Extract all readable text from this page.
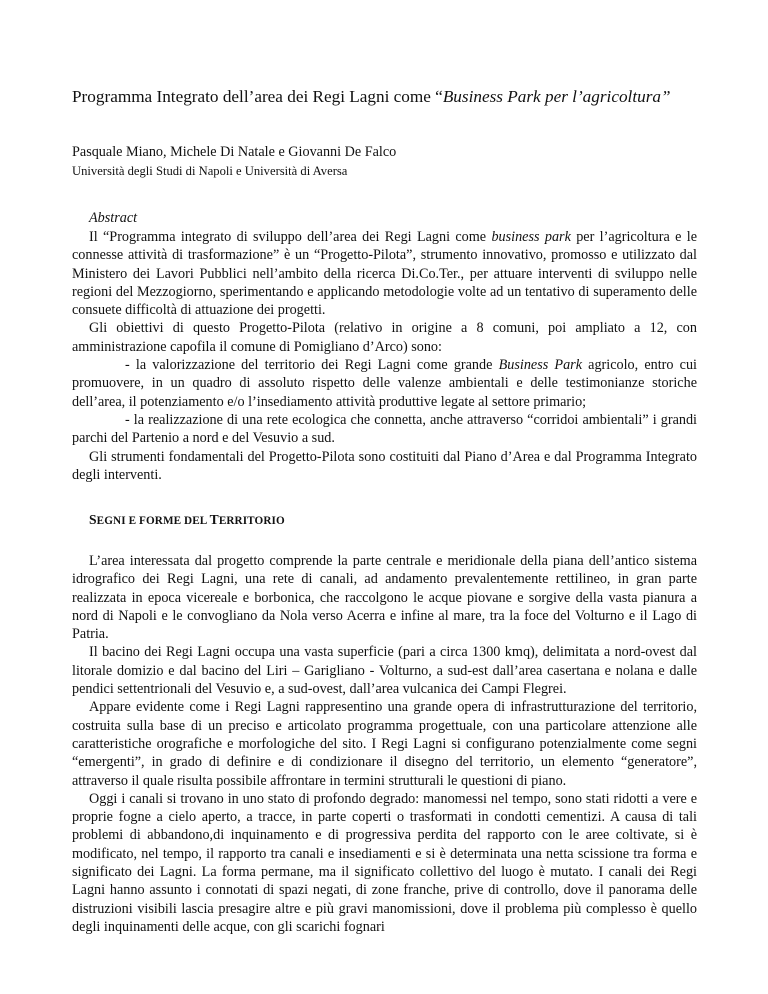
Programma Integrato dell’area dei Regi Lagni come “Business Park per l’agricoltura”
Pasquale Miano, Michele Di Natale e Giovanni De Falco
Università degli Studi di Napoli e Università di Aversa
Abstract

Il “Programma integrato di sviluppo dell’area dei Regi Lagni come business park per l’agricoltura e le connesse attività di trasformazione” è un “Progetto-Pilota”, strumento innovativo, promosso e utilizzato dal Ministero dei Lavori Pubblici nell’ambito della ricerca Di.Co.Ter., per attuare interventi di sviluppo nelle regioni del Mezzogiorno, sperimentando e applicando metodologie volte ad un tentativo di superamento delle consuete difficoltà di attuazione dei progetti.

Gli obiettivi di questo Progetto-Pilota (relativo in origine a 8 comuni, poi ampliato a 12, con amministrazione capofila il comune di Pomigliano d’Arco) sono:

- la valorizzazione del territorio dei Regi Lagni come grande Business Park agricolo, entro cui promuovere, in un quadro di assoluto rispetto delle valenze ambientali e delle testimonianze storiche dell’area, il potenziamento e/o l’insediamento attività produttive legate al settore primario;

- la realizzazione di una rete ecologica che connetta, anche attraverso “corridoi ambientali” i grandi parchi del Partenio a nord e del Vesuvio a sud.

Gli strumenti fondamentali del Progetto-Pilota sono costituiti dal Piano d’Area e dal Programma Integrato degli interventi.

SEGNI E FORME DEL TERRITORIO

L’area interessata dal progetto comprende la parte centrale e meridionale della piana dell’antico sistema idrografico dei Regi Lagni, una rete di canali, ad andamento prevalentemente rettilineo, in gran parte realizzata in epoca vicereale e borbonica, che raccolgono le acque piovane e sorgive della vasta pianura a nord di Napoli e le convogliano da Nola verso Acerra e infine al mare, tra la foce del Volturno e il Lago di Patria.

Il bacino dei Regi Lagni occupa una vasta superficie (pari a circa 1300 kmq), delimitata a nord-ovest dal litorale domizio e dal bacino del Liri – Garigliano - Volturno, a sud-est dall’area casertana e nolana e dalle pendici settentrionali del Vesuvio e, a sud-ovest, dall’area vulcanica dei Campi Flegrei.

Appare evidente come i Regi Lagni rappresentino una grande opera di infrastrutturazione del territorio, costruita sulla base di un preciso e articolato programma progettuale, con una particolare attenzione alle caratteristiche orografiche e morfologiche del sito. I Regi Lagni si configurano potenzialmente come segni “emergenti”, in grado di definire e di condizionare il disegno del territorio, un elemento “generatore”, attraverso il quale risulta possibile affrontare in termini strutturali le questioni di piano.

Oggi i canali si trovano in uno stato di profondo degrado: manomessi nel tempo, sono stati ridotti a vere e proprie fogne a cielo aperto, a tracce, in parte coperti o trasformati in condotti cementizi. A causa di tali problemi di abbandono,di inquinamento e di progressiva perdita del rapporto con le aree coltivate, si è modificato, nel tempo, il rapporto tra canali e insediamenti e si è determinata una netta scissione tra forma e significato dei Lagni. La forma permane, ma il significato collettivo del luogo è mutato. I canali dei Regi Lagni hanno assunto i connotati di spazi negati, di zone franche, prive di controllo, dove il panorama delle distruzioni visibili lascia presagire altre e più gravi manomissioni, dove il problema più complesso è quello degli inquinamenti delle acque, con gli scarichi fognari
